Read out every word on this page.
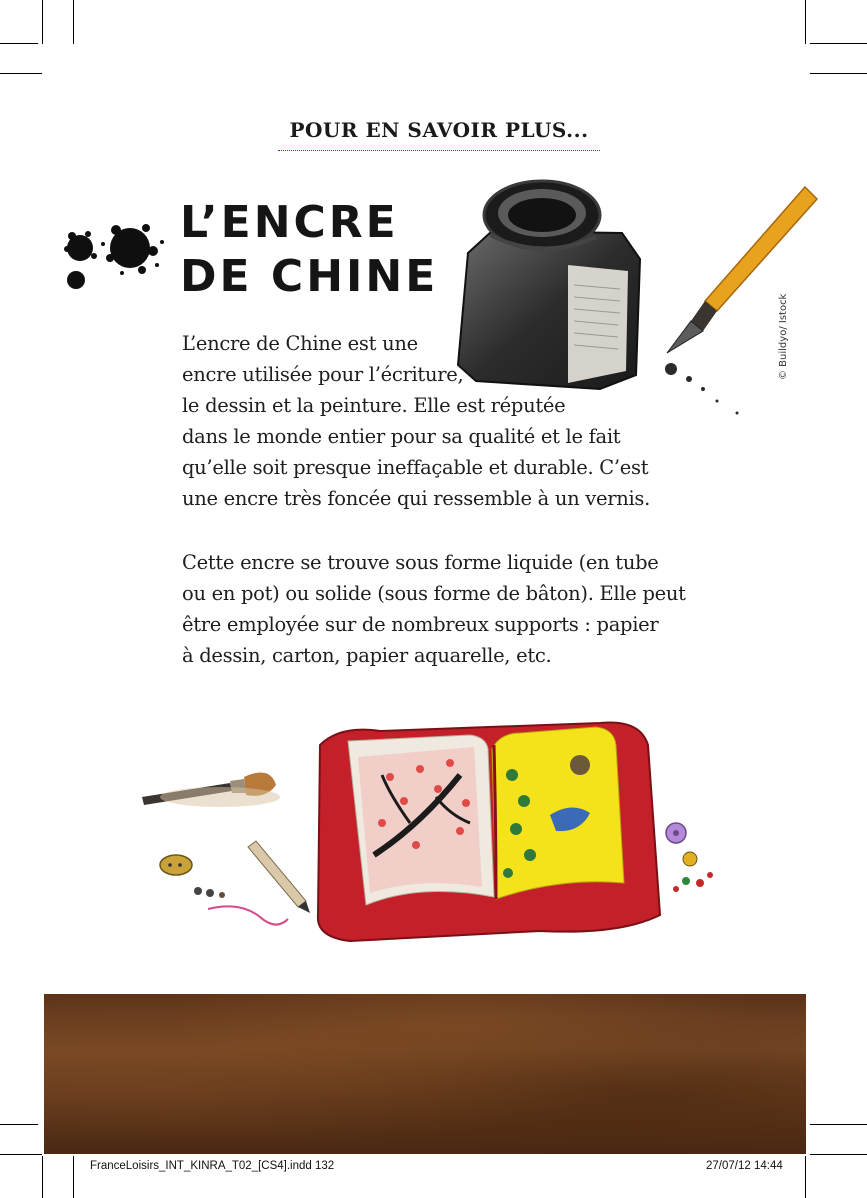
POUR EN SAVOIR PLUS...
L’ENCRE
DE CHINE
© Buildyo/ Istock
L’encre de Chine est une
encre utilisée pour l’écriture,
le dessin et la peinture. Elle est réputée
dans le monde entier pour sa qualité et le fait
qu’elle soit presque ineffaçable et durable. C’est
une encre très foncée qui ressemble à un vernis.
Cette encre se trouve sous forme liquide (en tube
ou en pot) ou solide (sous forme de bâton). Elle peut
être employée sur de nombreux supports : papier
à dessin, carton, papier aquarelle, etc.
FranceLoisirs_INT_KINRA_T02_[CS4].indd 132	27/07/12 14:44
